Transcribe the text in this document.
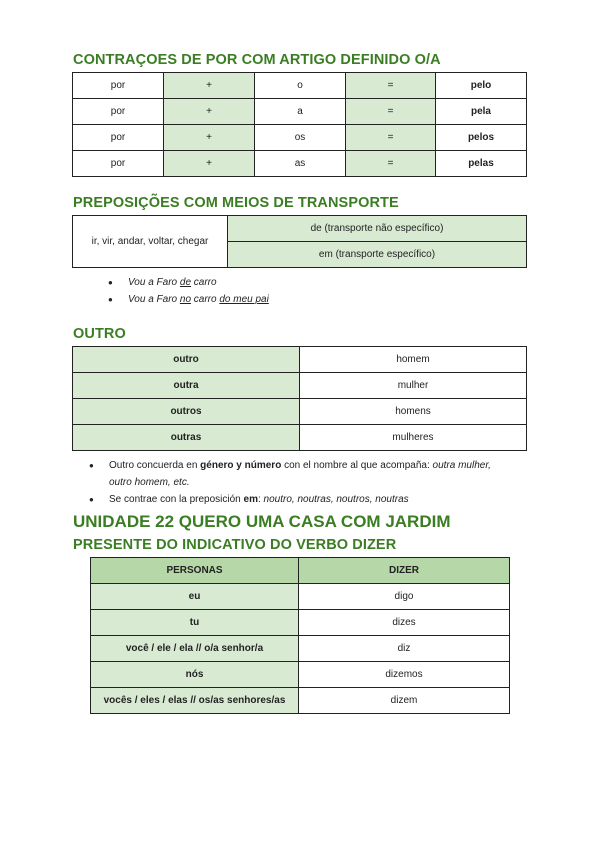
CONTRAÇOES DE POR COM ARTIGO DEFINIDO O/A
por	+	o	=	pelo
por	+	a	=	pela
por	+	os	=	pelos
por	+	as	=	pelas
PREPOSIÇÕES COM MEIOS DE TRANSPORTE
ir, vir, andar, voltar, chegar	de (transporte não específico)
em (transporte específico)
● Vou a Faro de carro
● Vou a Faro no carro do meu pai
OUTRO
outro	homem
outra	mulher
outros	homens
outras	mulheres
● Outro concuerda en género y número con el nombre al que acompaña: outra mulher, outro homem, etc.
● Se contrae con la preposición em: noutro, noutras, noutros, noutras
UNIDADE 22 QUERO UMA CASA COM JARDIM
PRESENTE DO INDICATIVO DO VERBO DIZER
PERSONAS	DIZER
eu	digo
tu	dizes
você / ele / ela // o/a senhor/a	diz
nós	dizemos
vocês / eles / elas // os/as senhores/as	dizem
